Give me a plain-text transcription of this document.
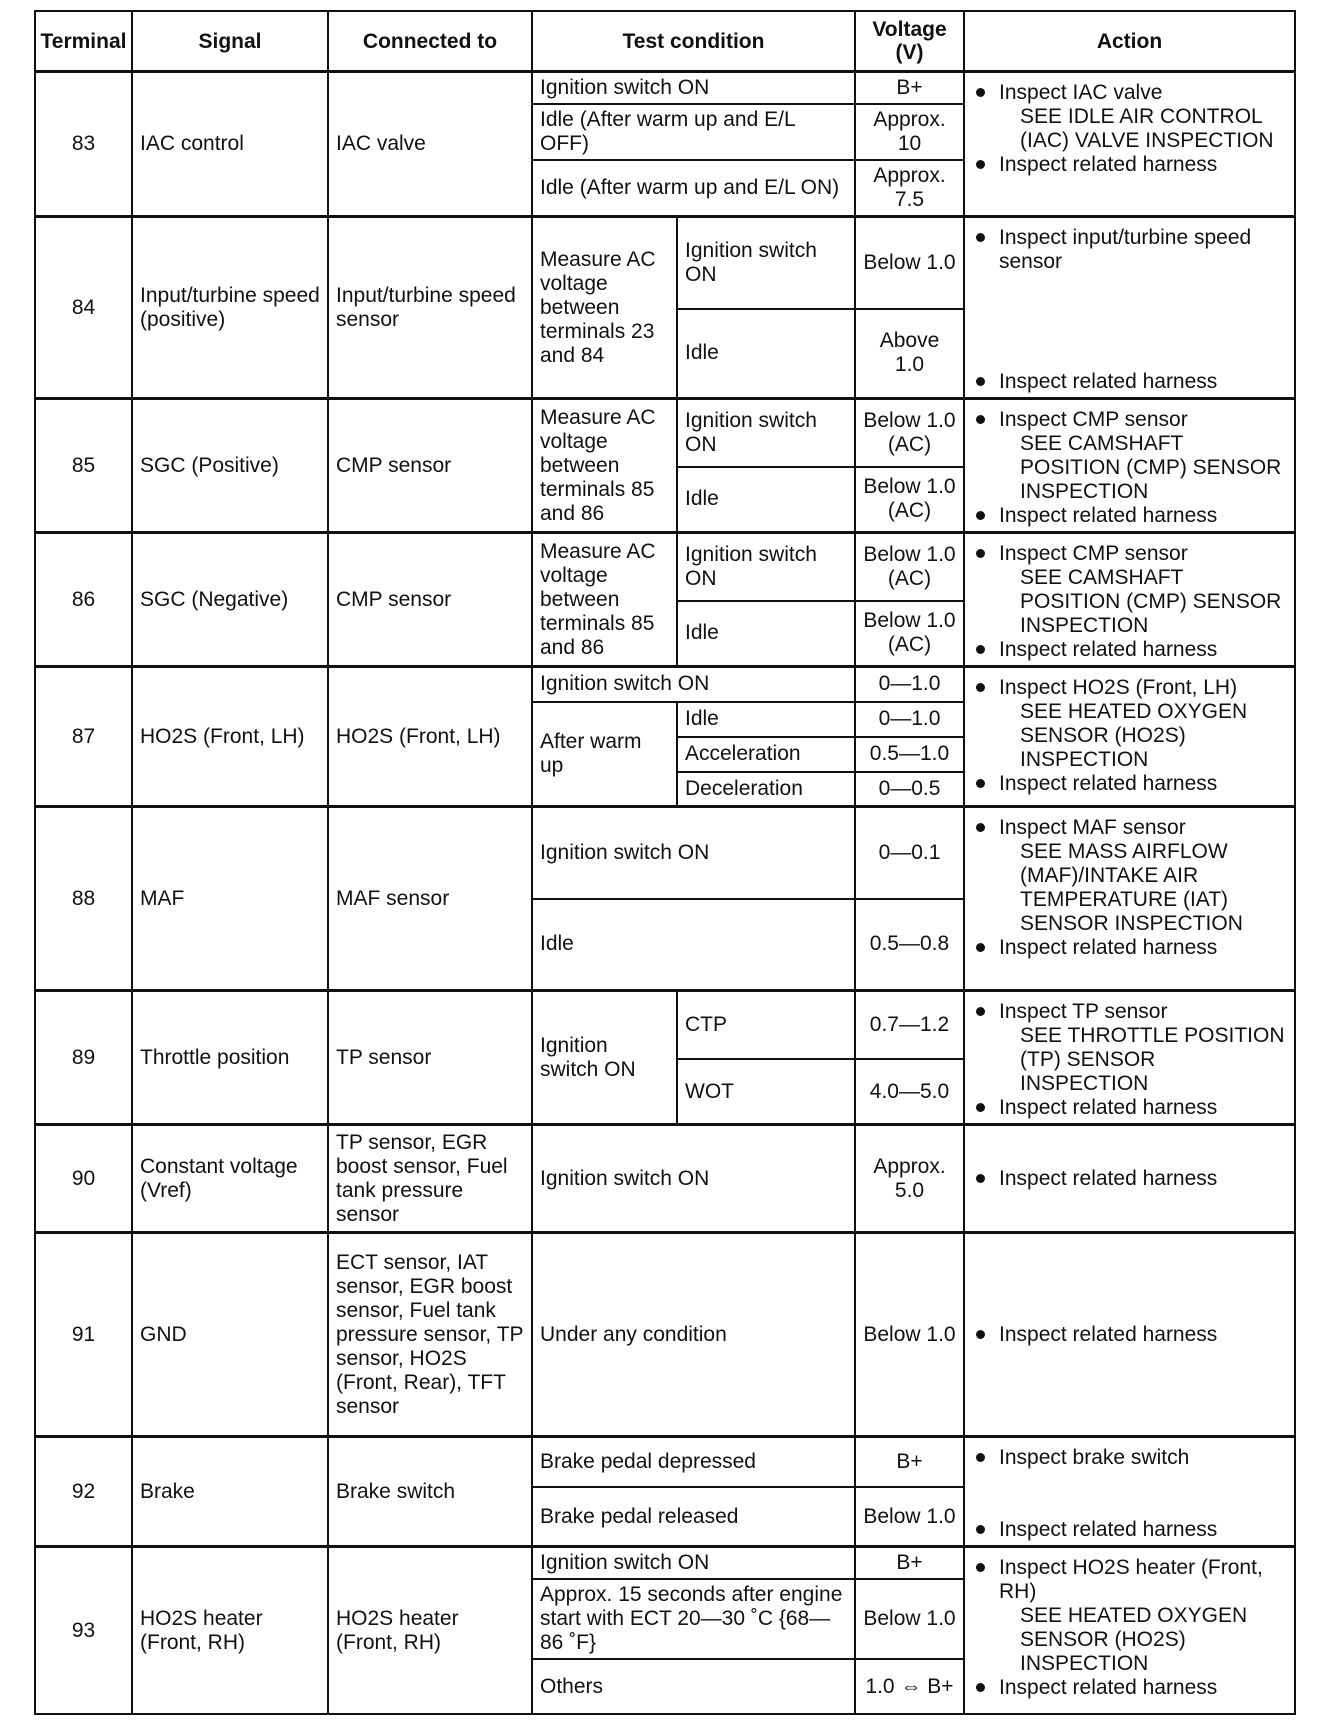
Terminal	Signal	Connected to	Test condition		Voltage (V)	Action
83	IAC control	IAC valve	Ignition switch ON		B+	Inspect IAC valve
SEE IDLE AIR CONTROL (IAC) VALVE INSPECTION
Inspect related harness

			Idle (After warm up and E/L OFF)		Approx. 10	
			Idle (After warm up and E/L ON)		Approx. 7.5	
84	Input/turbine speed (positive)	Input/turbine speed sensor	Measure AC voltage between terminals 23 and 84	Ignition switch ON	Below 1.0	Inspect input/turbine speed sensor
Inspect related harness

				Idle	Above 1.0	
85	SGC (Positive)	CMP sensor	Measure AC voltage between terminals 85 and 86	Ignition switch ON	Below 1.0 (AC)	Inspect CMP sensor
SEE CAMSHAFT POSITION (CMP) SENSOR INSPECTION
Inspect related harness

				Idle	Below 1.0 (AC)	
86	SGC (Negative)	CMP sensor	Measure AC voltage between terminals 85 and 86	Ignition switch ON	Below 1.0 (AC)	Inspect CMP sensor
SEE CAMSHAFT POSITION (CMP) SENSOR INSPECTION
Inspect related harness

				Idle	Below 1.0 (AC)	
87	HO2S (Front, LH)	HO2S (Front, LH)	Ignition switch ON		0—1.0	Inspect HO2S (Front, LH)
SEE HEATED OXYGEN SENSOR (HO2S) INSPECTION
Inspect related harness

			After warm up	Idle	0—1.0	
				Acceleration	0.5—1.0	
				Deceleration	0—0.5	
88	MAF	MAF sensor	Ignition switch ON		0—0.1	Inspect MAF sensor
SEE MASS AIRFLOW (MAF)/INTAKE AIR TEMPERATURE (IAT) SENSOR INSPECTION
Inspect related harness

			Idle		0.5—0.8	
89	Throttle position	TP sensor	Ignition switch ON	CTP	0.7—1.2	Inspect TP sensor
SEE THROTTLE POSITION (TP) SENSOR INSPECTION
Inspect related harness

				WOT	4.0—5.0	
90	Constant voltage (Vref)	TP sensor, EGR boost sensor, Fuel tank pressure sensor	Ignition switch ON		Approx. 5.0	Inspect related harness

91	GND	ECT sensor, IAT sensor, EGR boost sensor, Fuel tank pressure sensor, TP sensor, HO2S (Front, Rear), TFT sensor	Under any condition		Below 1.0	Inspect related harness

92	Brake	Brake switch	Brake pedal depressed		B+	Inspect brake switch
Inspect related harness

			Brake pedal released		Below 1.0	
93	HO2S heater (Front, RH)	HO2S heater (Front, RH)	Ignition switch ON		B+	Inspect HO2S heater (Front, RH)
SEE HEATED OXYGEN SENSOR (HO2S) INSPECTION
Inspect related harness

			Approx. 15 seconds after engine start with ECT 20—30 ˚C {68—86 ˚F}		Below 1.0	
			Others		1.0 ⇔ B+	
